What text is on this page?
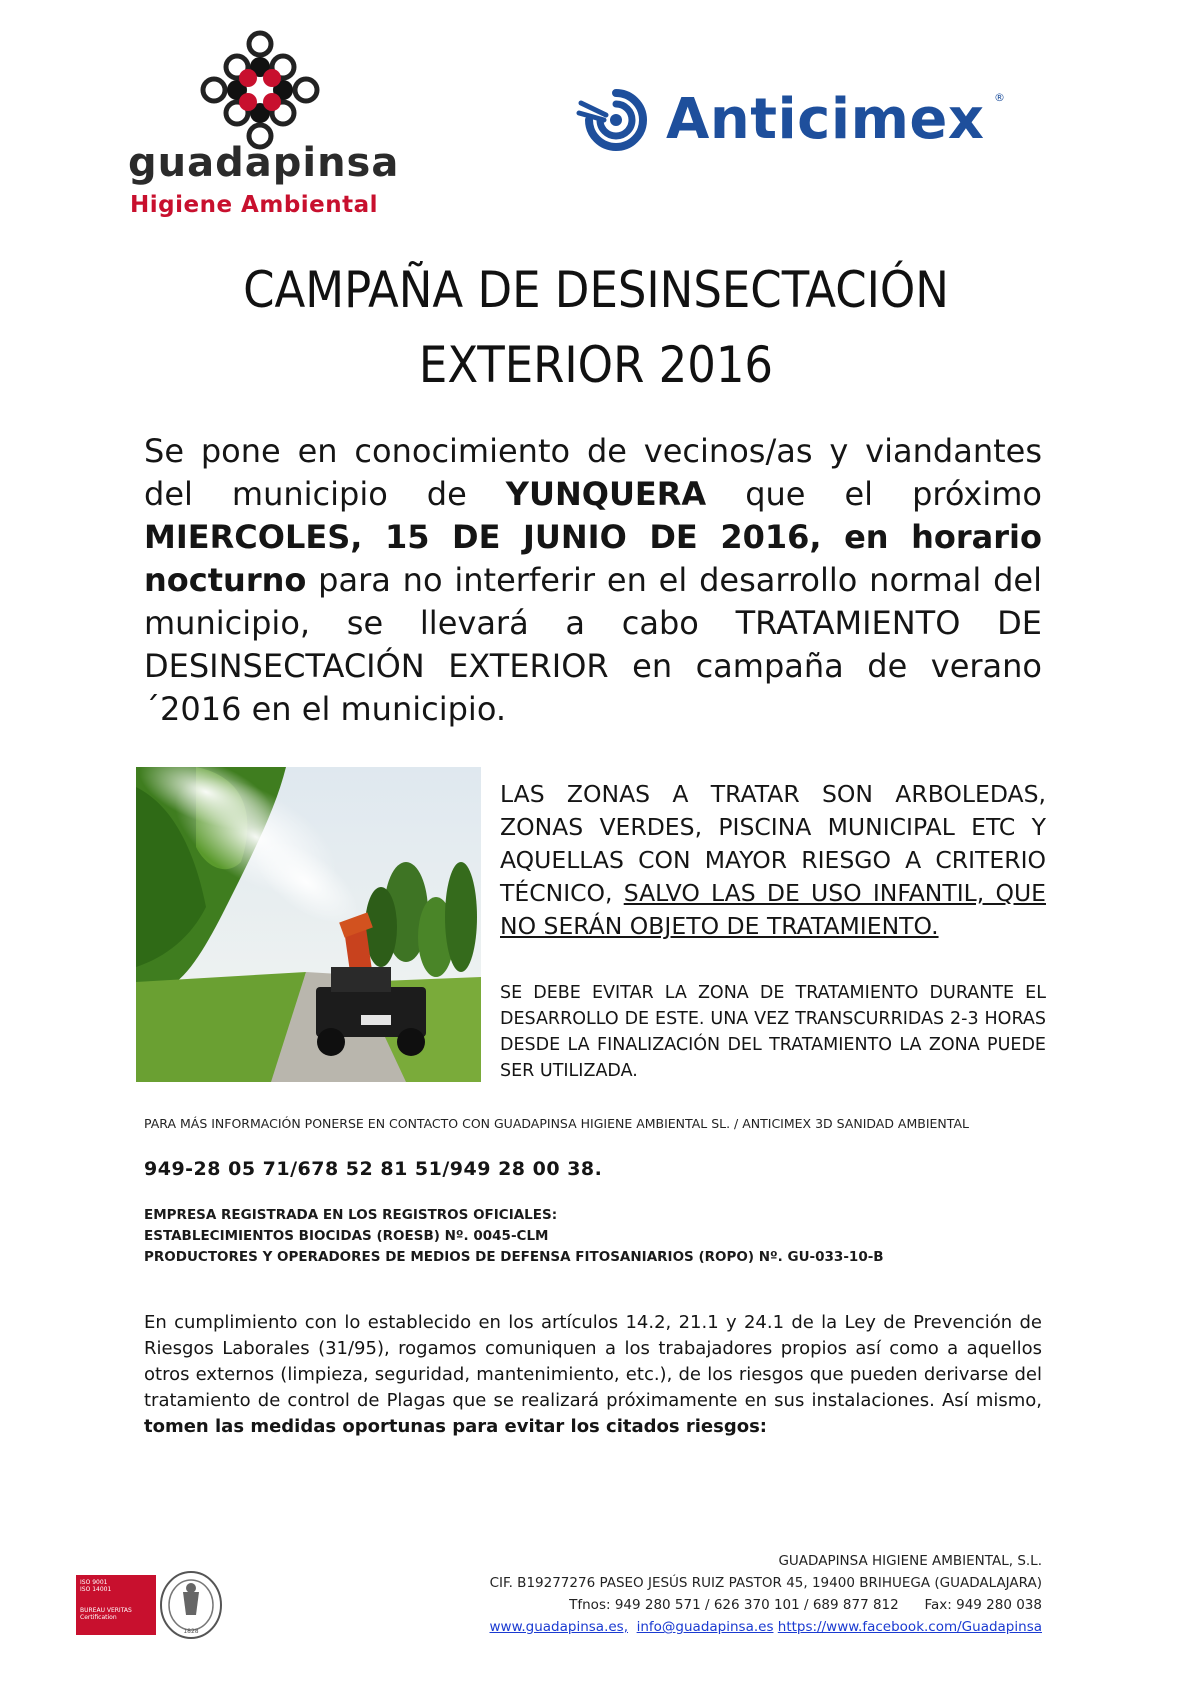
guadapinsa
Higiene Ambiental
Anticimex ®
CAMPAÑA DE DESINSECTACIÓN
EXTERIOR 2016
Se pone en conocimiento de vecinos/as y viandantes del municipio de YUNQUERA que el próximo MIERCOLES, 15 DE JUNIO DE 2016, en horario nocturno para no interferir en el desarrollo normal del municipio, se llevará a cabo TRATAMIENTO DE DESINSECTACIÓN EXTERIOR en campaña de verano´2016 en el municipio.
LAS ZONAS A TRATAR SON ARBOLEDAS, ZONAS VERDES, PISCINA MUNICIPAL ETC Y AQUELLAS CON MAYOR RIESGO A CRITERIO TÉCNICO, SALVO LAS DE USO INFANTIL, QUE NO SERÁN OBJETO DE TRATAMIENTO.
SE DEBE EVITAR LA ZONA DE TRATAMIENTO DURANTE EL DESARROLLO DE ESTE. UNA VEZ TRANSCURRIDAS 2-3 HORAS DESDE LA FINALIZACIÓN DEL TRATAMIENTO LA ZONA PUEDE SER UTILIZADA.
PARA MÁS INFORMACIÓN PONERSE EN CONTACTO CON GUADAPINSA HIGIENE AMBIENTAL SL. / ANTICIMEX 3D SANIDAD AMBIENTAL
949-28 05 71/678 52 81 51/949 28 00 38.
EMPRESA REGISTRADA EN LOS REGISTROS OFICIALES:
ESTABLECIMIENTOS BIOCIDAS (ROESB) Nº. 0045-CLM
PRODUCTORES Y OPERADORES DE MEDIOS DE DEFENSA FITOSANIARIOS (ROPO) Nº. GU-033-10-B
En cumplimiento con lo establecido en los artículos 14.2, 21.1 y 24.1 de la Ley de Prevención de Riesgos Laborales (31/95), rogamos comuniquen a los trabajadores propios así como a aquellos otros externos (limpieza, seguridad, mantenimiento, etc.), de los riesgos que pueden derivarse del tratamiento de control de Plagas que se realizará próximamente en sus instalaciones. Así mismo, tomen las medidas oportunas para evitar los citados riesgos:
ISO 9001
ISO 14001
BUREAU VERITAS
Certification
1828
GUADAPINSA HIGIENE AMBIENTAL, S.L.
CIF. B19277276 PASEO JESÚS RUIZ PASTOR 45, 19400 BRIHUEGA (GUADALAJARA)
Tfnos: 949 280 571 / 626 370 101 / 689 877 812      Fax: 949 280 038
www.guadapinsa.es, info@guadapinsa.es https://www.facebook.com/Guadapinsa
